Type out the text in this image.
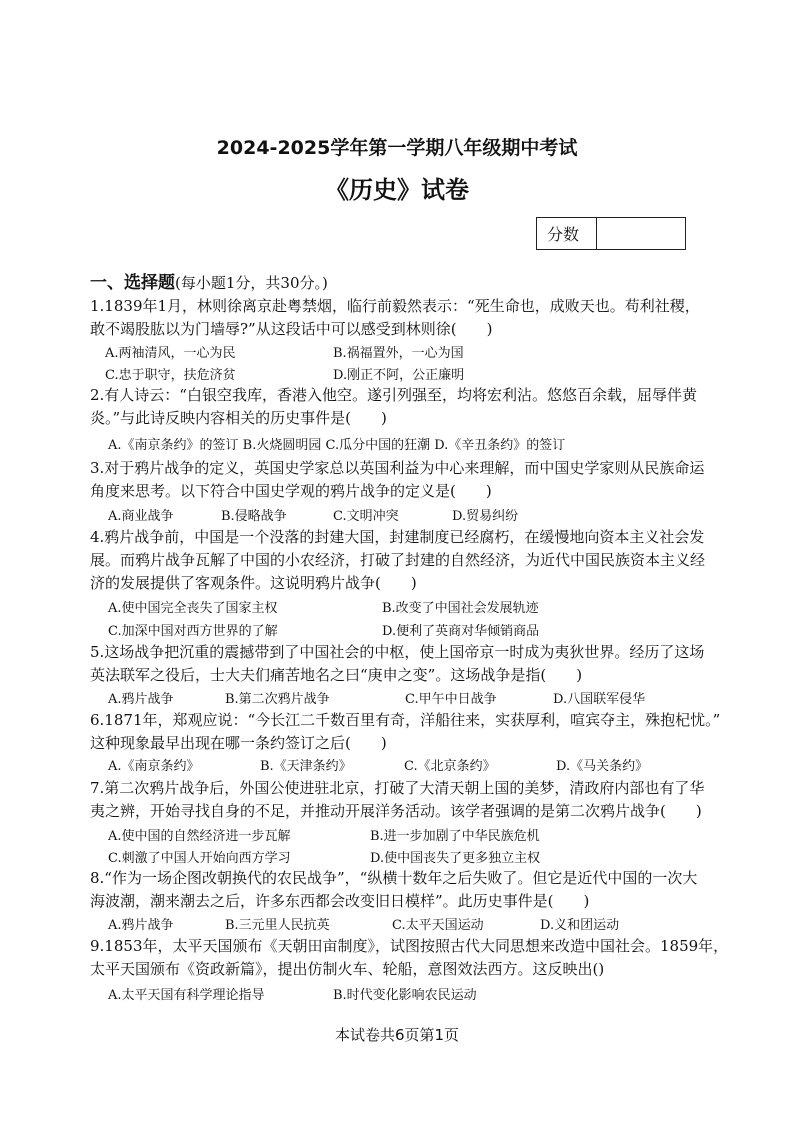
2024-2025学年第一学期八年级期中考试
《历史》试卷
分数
一、选择题(每小题1分，共30分。)
1.1839年1月，林则徐离京赴粤禁烟，临行前毅然表示：“死生命也，成败天也。苟利社稷，
敢不竭股肱以为门墙辱?”从这段话中可以感受到林则徐(　　)
A.两袖清风，一心为民	B.祸福置外，一心为国
C.忠于职守，扶危济贫	D.刚正不阿，公正廉明
2.有人诗云：“白银空我库，香港入他空。遂引列强至，均将宏利沾。悠悠百余载，屈辱伴黄
炎。”与此诗反映内容相关的历史事件是(　　)
A.《南京条约》的签订 B.火烧圆明园 C.瓜分中国的狂潮 D.《辛丑条约》的签订
3.对于鸦片战争的定义，英国史学家总以英国利益为中心来理解，而中国史学家则从民族命运
角度来思考。以下符合中国史学观的鸦片战争的定义是(　　)
A.商业战争	B.侵略战争	C.文明冲突	D.贸易纠纷
4.鸦片战争前，中国是一个没落的封建大国，封建制度已经腐朽，在缓慢地向资本主义社会发
展。而鸦片战争瓦解了中国的小农经济，打破了封建的自然经济，为近代中国民族资本主义经
济的发展提供了客观条件。这说明鸦片战争(　　)
A.使中国完全丧失了国家主权	B.改变了中国社会发展轨迹
C.加深中国对西方世界的了解	D.便利了英商对华倾销商品
5.这场战争把沉重的震撼带到了中国社会的中枢，使上国帝京一时成为夷狄世界。经历了这场
英法联军之役后，士大夫们痛苦地名之曰“庚申之变”。这场战争是指(　　)
A.鸦片战争	B.第二次鸦片战争	C.甲午中日战争	D.八国联军侵华
6.1871年，郑观应说：“今长江二千数百里有奇，洋船往来，实获厚利，喧宾夺主，殊抱杞忧。”
这种现象最早出现在哪一条约签订之后(　　)
A.《南京条约》	B.《天津条约》	C.《北京条约》	D.《马关条约》
7.第二次鸦片战争后，外国公使进驻北京，打破了大清天朝上国的美梦，清政府内部也有了华
夷之辨，开始寻找自身的不足，并推动开展洋务活动。该学者强调的是第二次鸦片战争(　　)
A.使中国的自然经济进一步瓦解	B.进一步加剧了中华民族危机
C.刺激了中国人开始向西方学习	D.使中国丧失了更多独立主权
8.“作为一场企图改朝换代的农民战争”，“纵横十数年之后失败了。但它是近代中国的一次大
海波潮，潮来潮去之后，许多东西都会改变旧日模样”。此历史事件是(　　)
A.鸦片战争	B.三元里人民抗英	C.太平天国运动	D.义和团运动
9.1853年，太平天国颁布《天朝田亩制度》，试图按照古代大同思想来改造中国社会。1859年，
太平天国颁布《资政新篇》，提出仿制火车、轮船，意图效法西方。这反映出()
A.太平天国有科学理论指导	B.时代变化影响农民运动
本试卷共6页第1页
